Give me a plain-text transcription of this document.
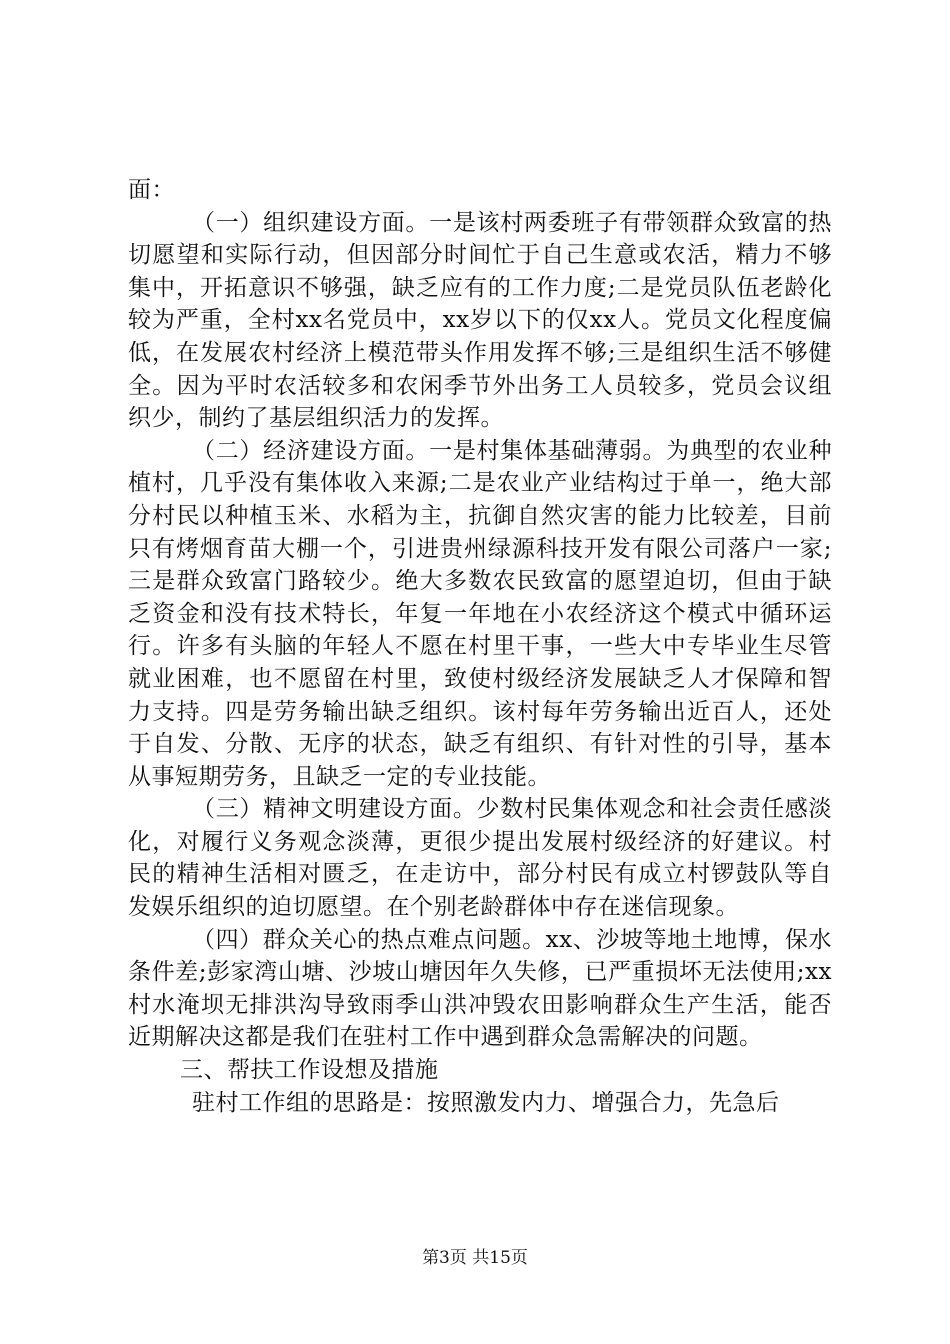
面：

（一）组织建设方面。一是该村两委班子有带领群众致富的热切愿望和实际行动，但因部分时间忙于自己生意或农活，精力不够集中，开拓意识不够强，缺乏应有的工作力度;二是党员队伍老龄化较为严重，全村xx名党员中，xx岁以下的仅xx人。党员文化程度偏低，在发展农村经济上模范带头作用发挥不够;三是组织生活不够健全。因为平时农活较多和农闲季节外出务工人员较多，党员会议组织少，制约了基层组织活力的发挥。

（二）经济建设方面。一是村集体基础薄弱。为典型的农业种植村，几乎没有集体收入来源;二是农业产业结构过于单一，绝大部分村民以种植玉米、水稻为主，抗御自然灾害的能力比较差，目前只有烤烟育苗大棚一个，引进贵州绿源科技开发有限公司落户一家;三是群众致富门路较少。绝大多数农民致富的愿望迫切，但由于缺乏资金和没有技术特长，年复一年地在小农经济这个模式中循环运行。许多有头脑的年轻人不愿在村里干事，一些大中专毕业生尽管就业困难，也不愿留在村里，致使村级经济发展缺乏人才保障和智力支持。四是劳务输出缺乏组织。该村每年劳务输出近百人，还处于自发、分散、无序的状态，缺乏有组织、有针对性的引导，基本从事短期劳务，且缺乏一定的专业技能。

（三）精神文明建设方面。少数村民集体观念和社会责任感淡化，对履行义务观念淡薄，更很少提出发展村级经济的好建议。村民的精神生活相对匮乏，在走访中，部分村民有成立村锣鼓队等自发娱乐组织的迫切愿望。在个别老龄群体中存在迷信现象。

（四）群众关心的热点难点问题。xx、沙坡等地土地博，保水条件差;彭家湾山塘、沙坡山塘因年久失修，已严重损坏无法使用;xx村水淹坝无排洪沟导致雨季山洪冲毁农田影响群众生产生活，能否近期解决这都是我们在驻村工作中遇到群众急需解决的问题。

三、帮扶工作设想及措施

驻村工作组的思路是：按照激发内力、增强合力，先急后

第3页 共15页
